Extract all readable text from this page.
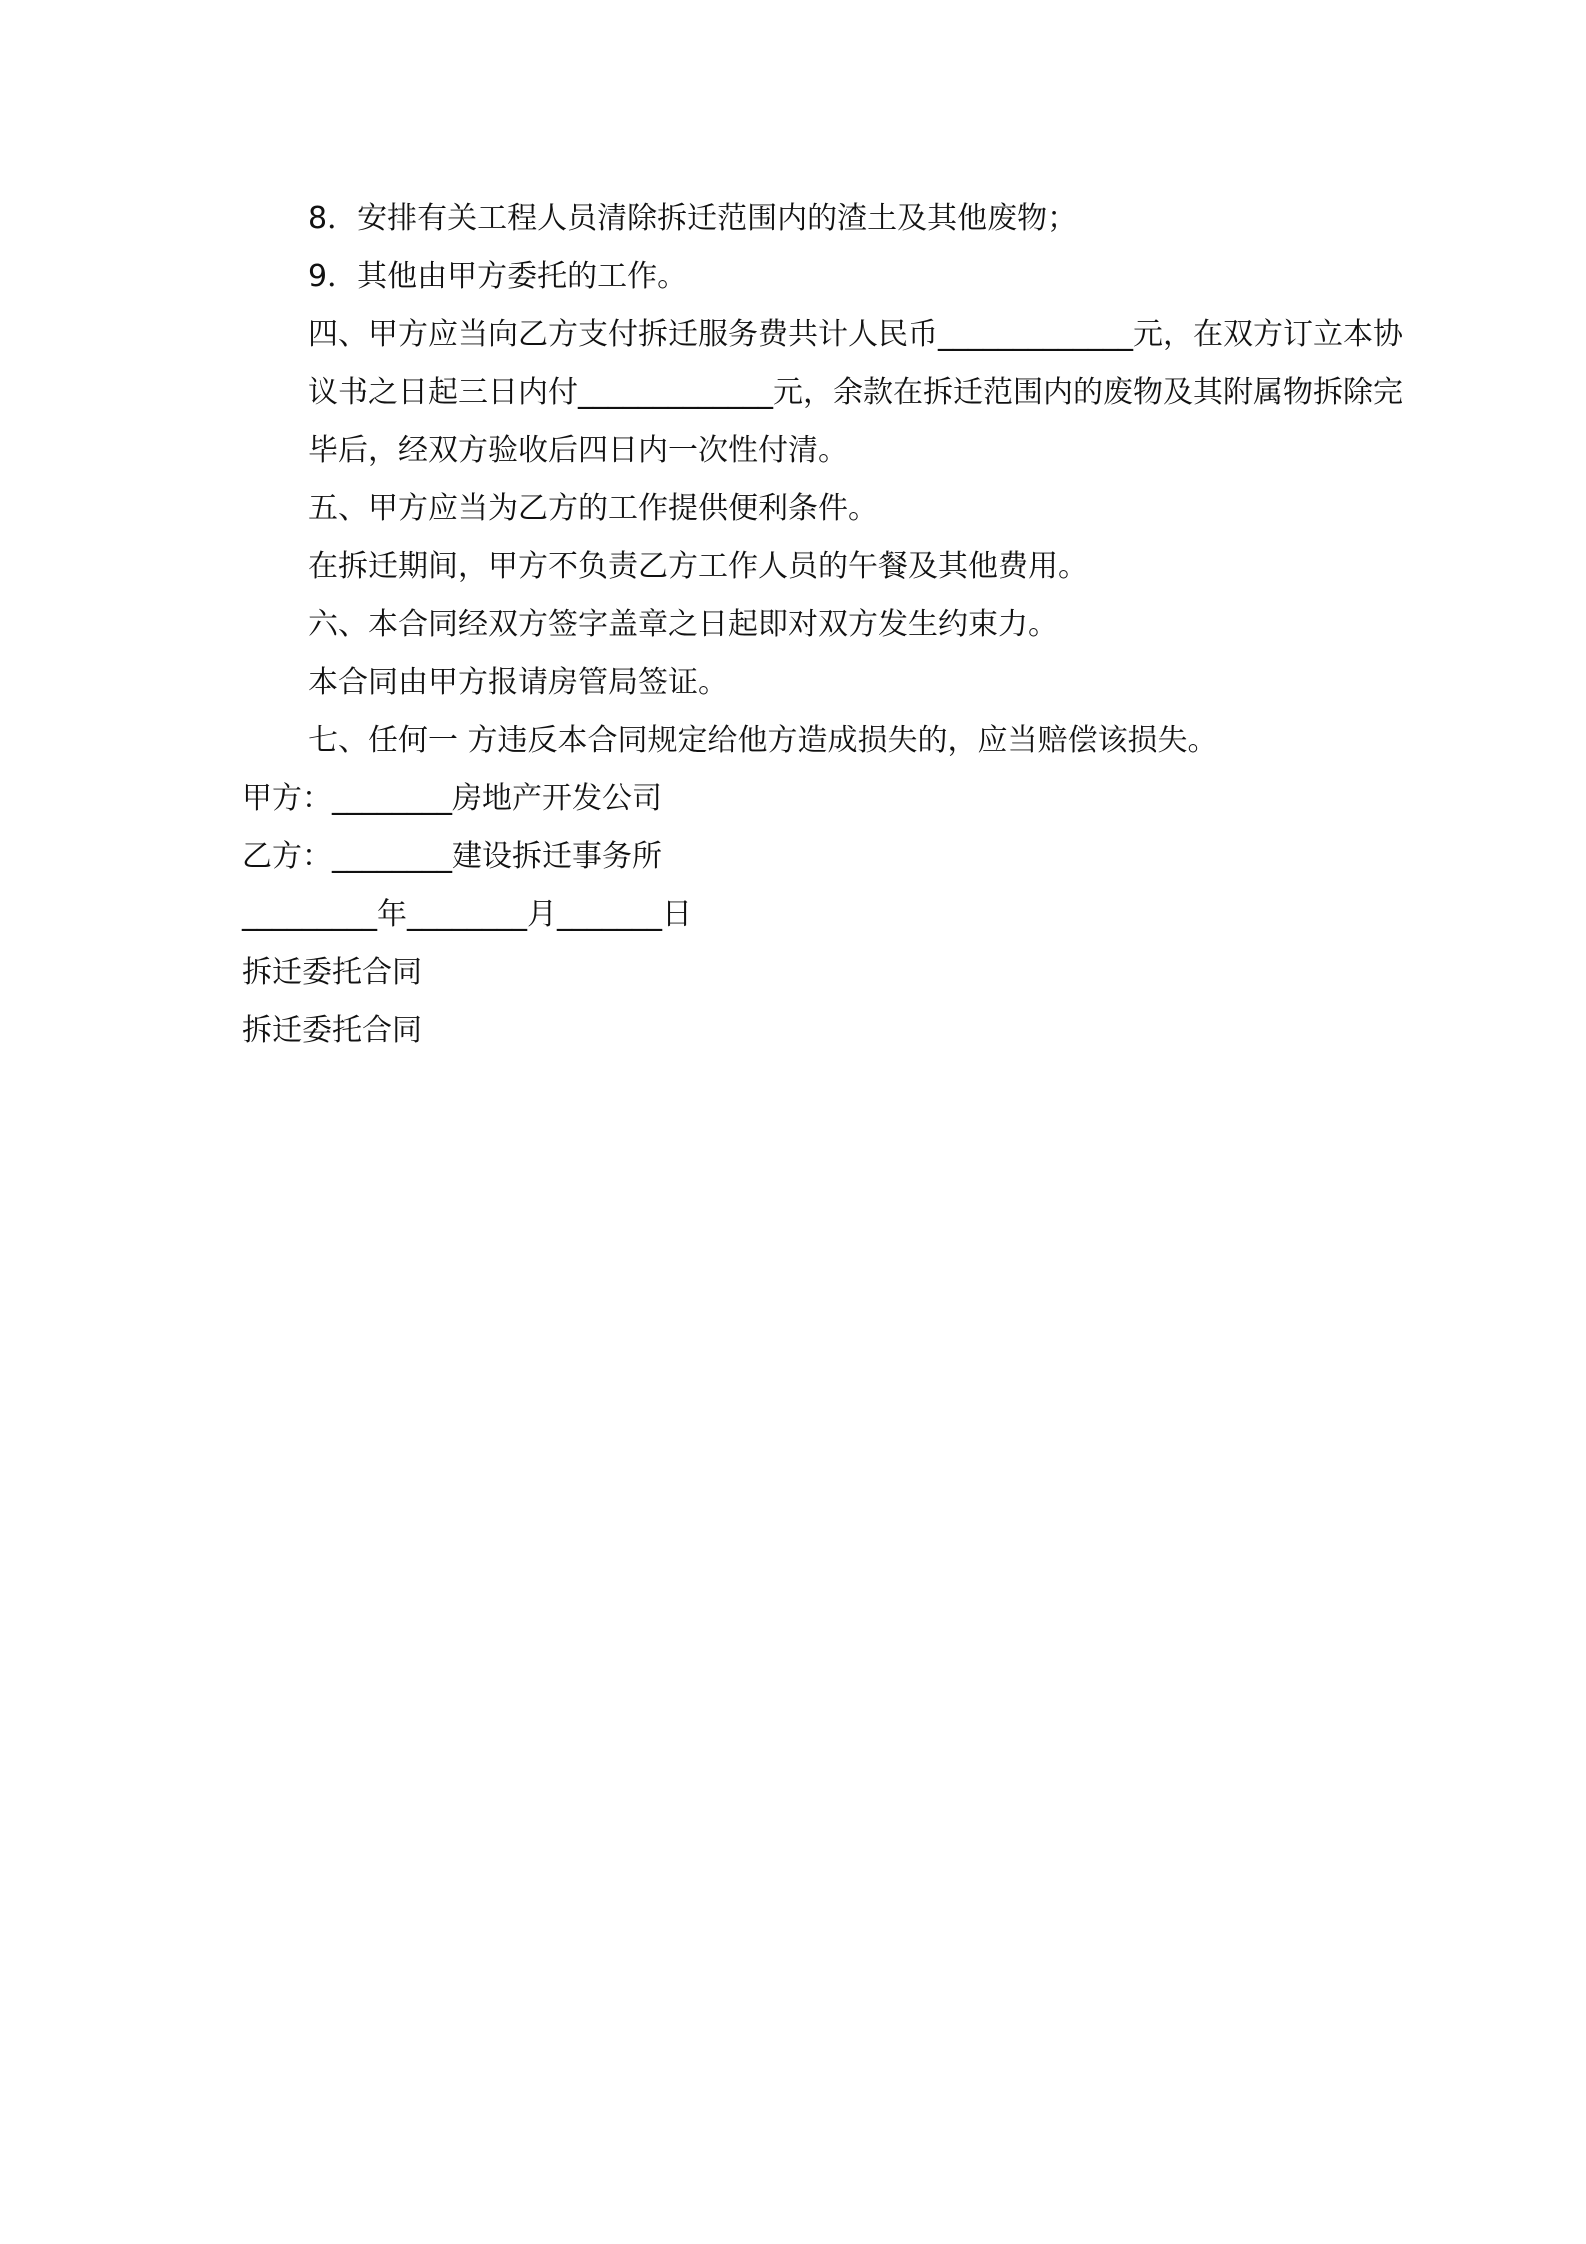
8．安排有关工程人员清除拆迁范围内的渣土及其他废物；

9．其他由甲方委托的工作。

四、甲方应当向乙方支付拆迁服务费共计人民币_____________元，在双方订立本协议书之日起三日内付_____________元，余款在拆迁范围内的废物及其附属物拆除完毕后，经双方验收后四日内一次性付清。

五、甲方应当为乙方的工作提供便利条件。

在拆迁期间，甲方不负责乙方工作人员的午餐及其他费用。

六、本合同经双方签字盖章之日起即对双方发生约束力。

本合同由甲方报请房管局签证。

七、任何一 方违反本合同规定给他方造成损失的，应当赔偿该损失。

甲方：________房地产开发公司

乙方：________建设拆迁事务所

_________年________月_______日

拆迁委托合同

拆迁委托合同
